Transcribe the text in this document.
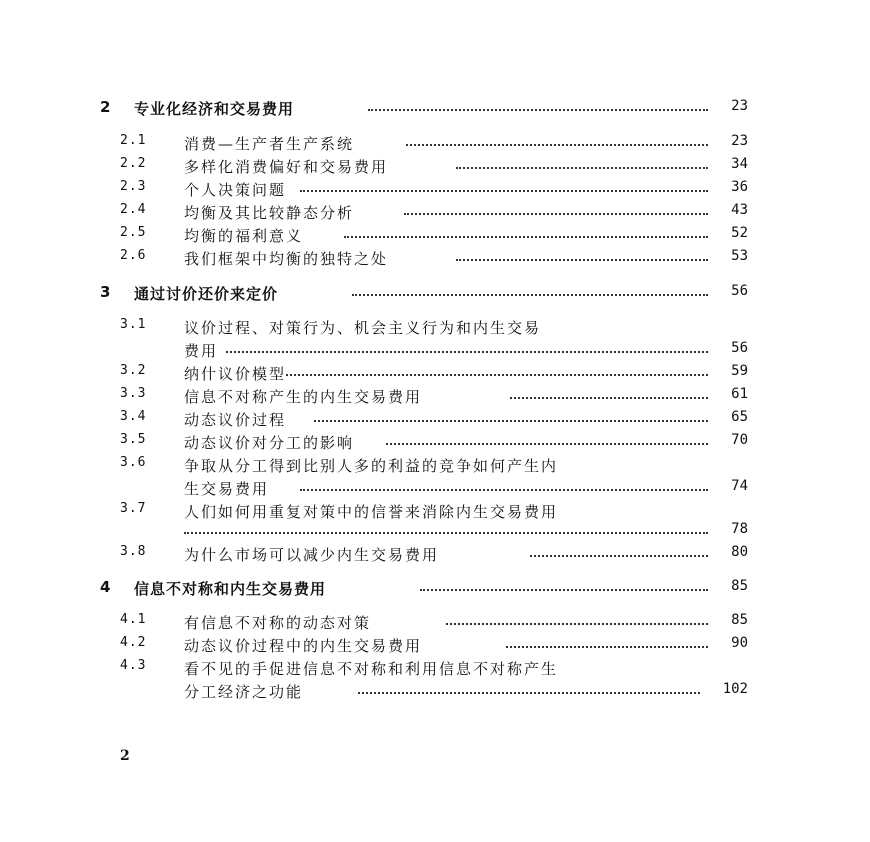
2 专业化经济和交易费用	23
2.1	消费—生产者生产系统	23
2.2	多样化消费偏好和交易费用	34
2.3	个人决策问题	36
2.4	均衡及其比较静态分析	43
2.5	均衡的福利意义	52
2.6	我们框架中均衡的独特之处	53
3 通过讨价还价来定价	56
3.1	议价过程、对策行为、机会主义行为和内生交易
费用	56
3.2	纳什议价模型	59
3.3	信息不对称产生的内生交易费用	61
3.4	动态议价过程	65
3.5	动态议价对分工的影响	70
3.6	争取从分工得到比别人多的利益的竞争如何产生内
生交易费用	74
3.7	人们如何用重复对策中的信誉来消除内生交易费用
78
3.8	为什么市场可以减少内生交易费用	80
4 信息不对称和内生交易费用	85
4.1	有信息不对称的动态对策	85
4.2	动态议价过程中的内生交易费用	90
4.3	看不见的手促进信息不对称和利用信息不对称产生
分工经济之功能	102
2
